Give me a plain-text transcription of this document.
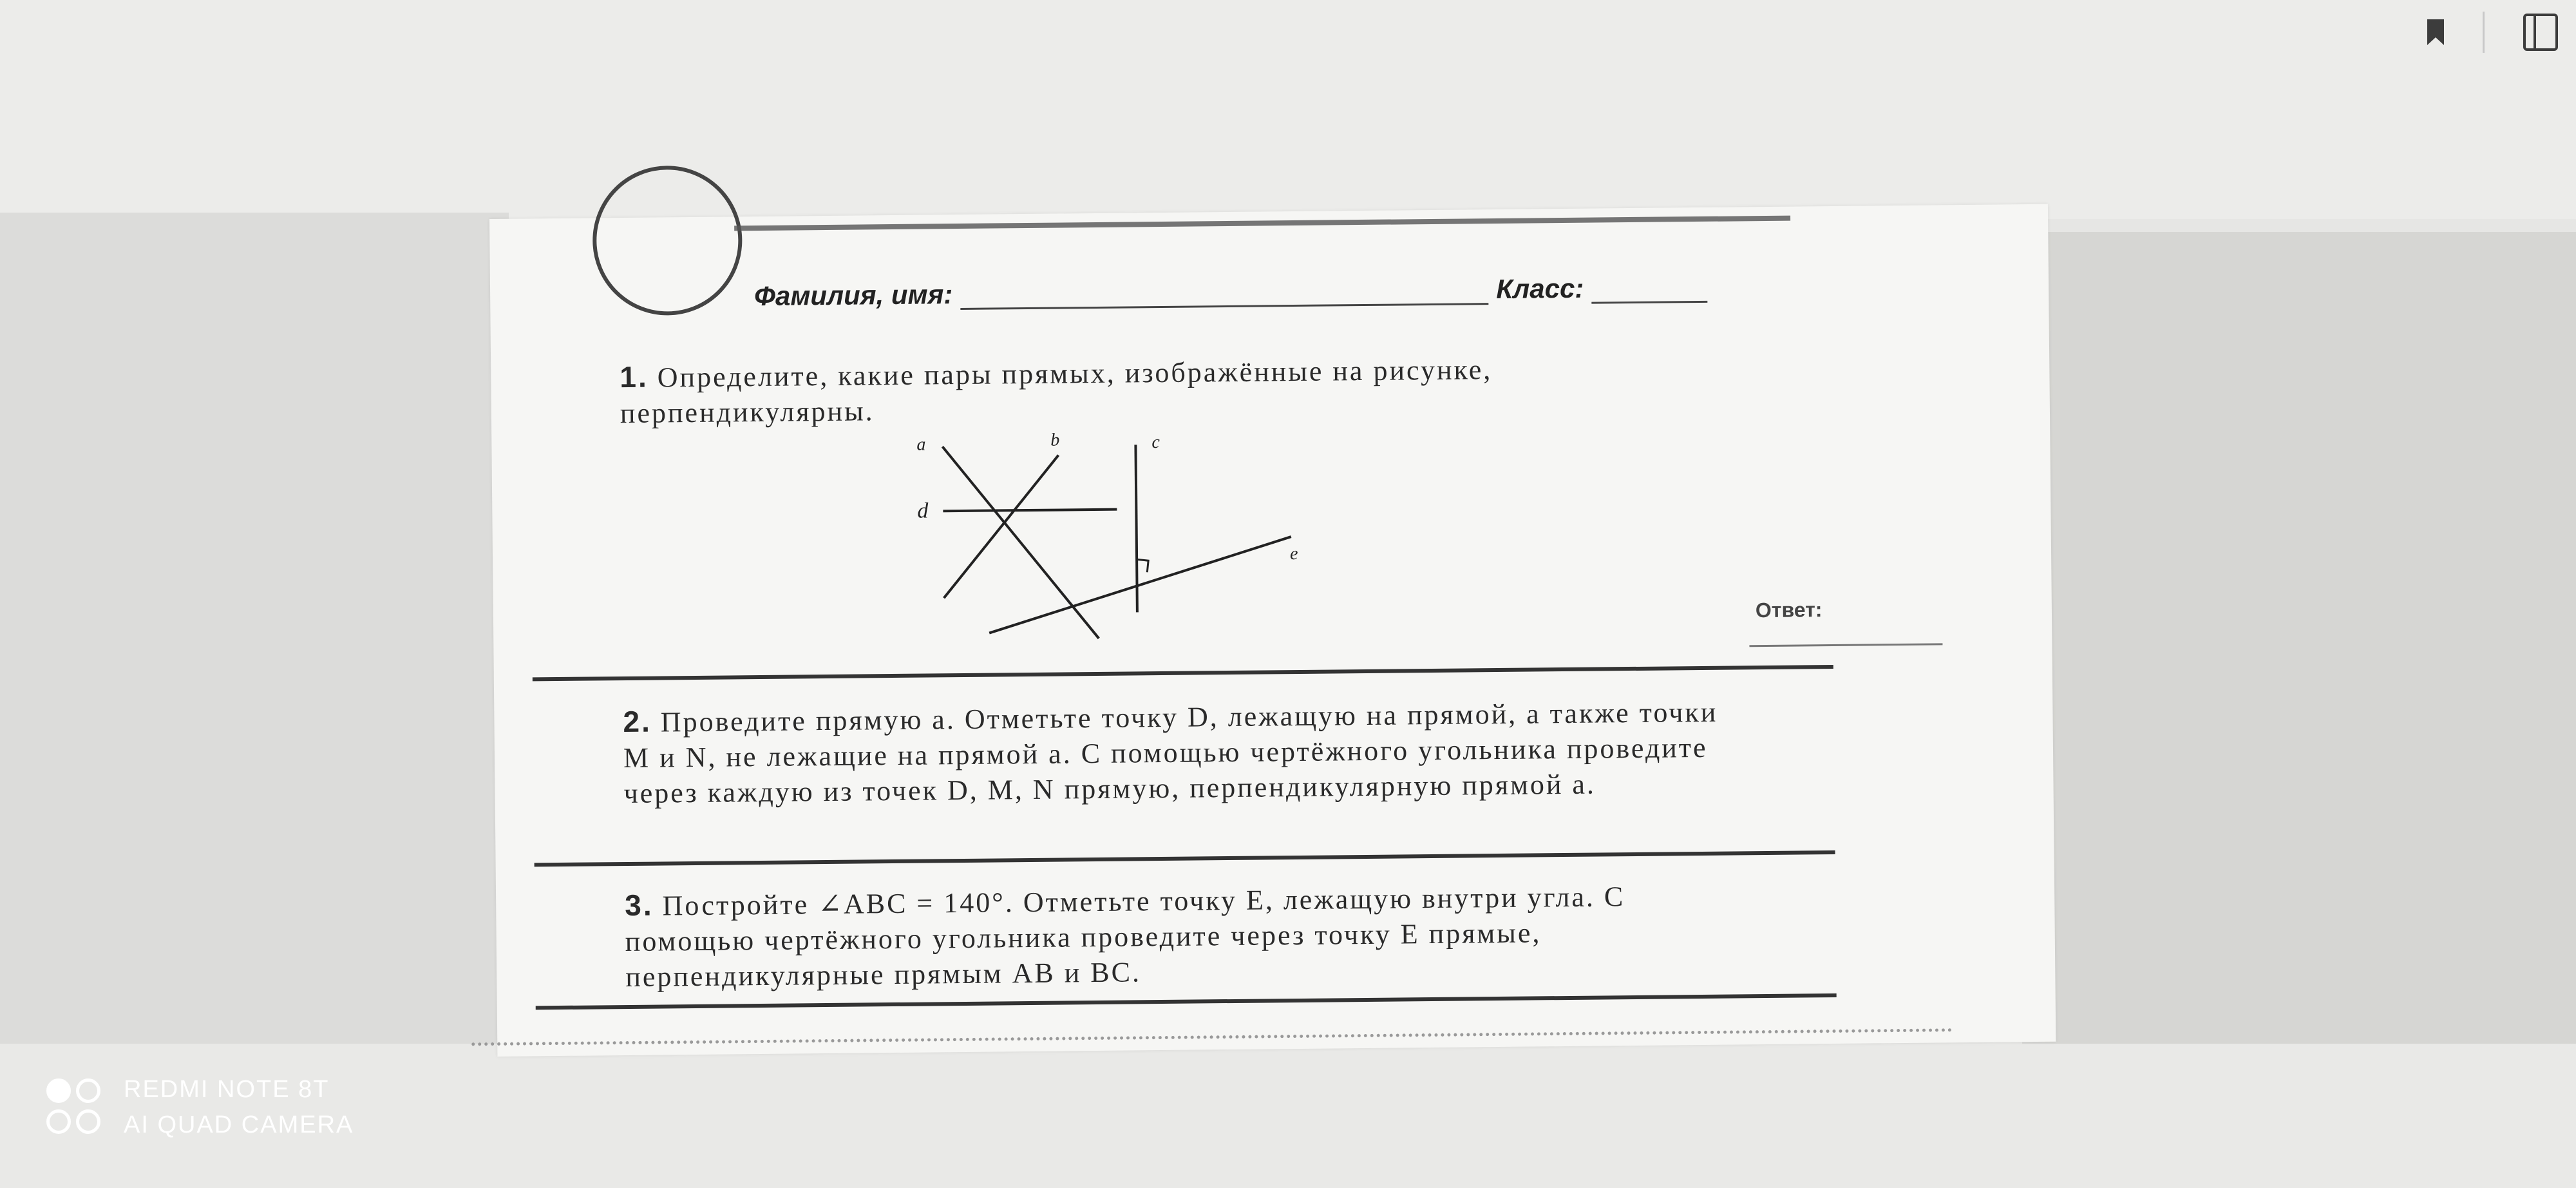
Фамилия, имя:	Класс:
1. Определите, какие пары прямых, изображённые на рисунке, перпендикулярны.
a	b	c
d
e
Ответ:
2. Проведите прямую a. Отметьте точку D, лежащую на прямой, а также точки M и N, не лежащие на прямой a. С помощью чертёжного угольника проведите через каждую из точек D, M, N прямую, перпендикулярную прямой a.
3. Постройте ∠ABC = 140°. Отметьте точку E, лежащую внутри угла. С помощью чертёжного угольника проведите через точку E прямые, перпендикулярные прямым AB и BC.
REDMI NOTE 8T
AI QUAD CAMERA
